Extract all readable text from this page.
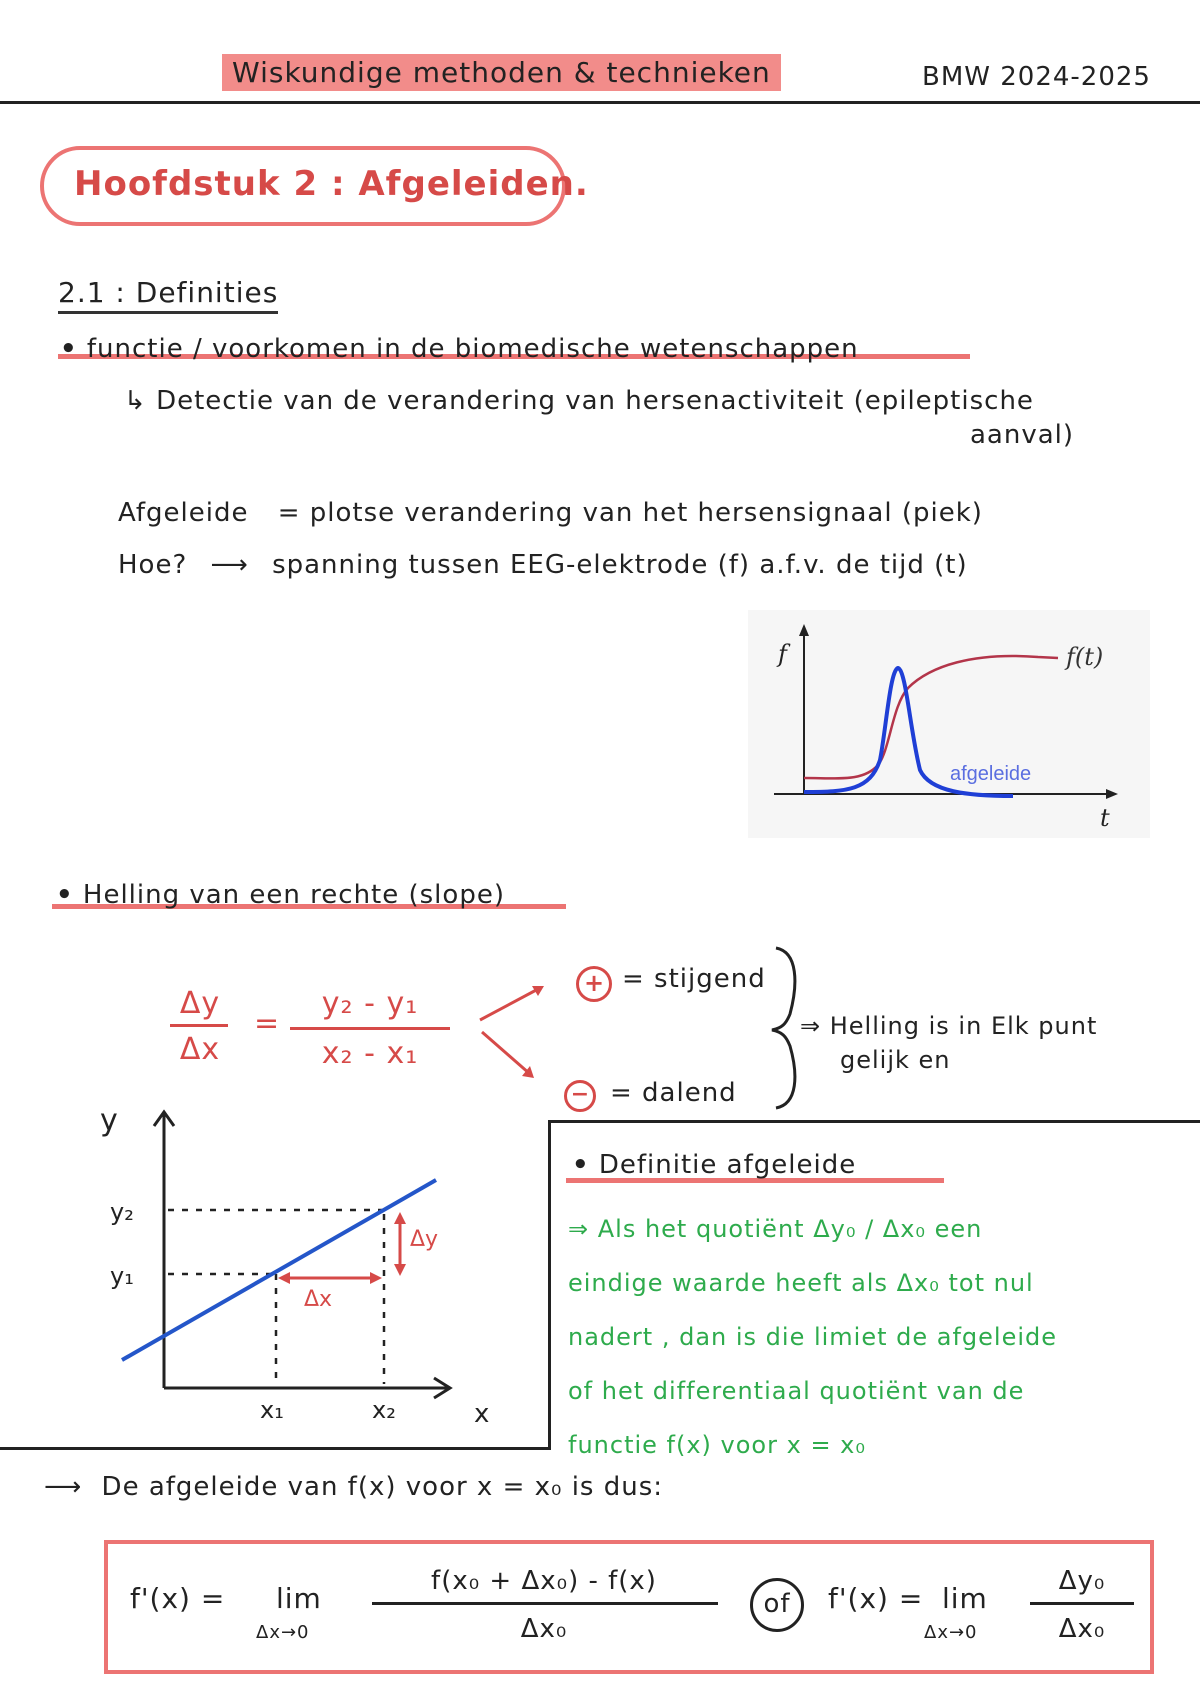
Wiskundige methoden & technieken	BMW 2024-2025
Hoofdstuk 2 : Afgeleiden.
2.1 : Definities
• functie / voorkomen in de biomedische wetenschappen
↳ Detectie van de verandering van hersenactiviteit (epileptische
aanval)
Afgeleide = plotse verandering van het hersensignaal (piek)
Hoe? ⟶ spanning tussen EEG-elektrode (f) a.f.v. de tijd (t)
f
t
f(t)
afgeleide
• Helling van een rechte (slope)
Δy
Δx
=
y₂ - y₁
x₂ - x₁
+ = stijgend
− = dalend
⇒ Helling is in Elk punt
gelijk en
y
x
y₂
y₁
x₁	x₂
Δx
Δy
• Definitie afgeleide
⇒ Als het quotiënt Δy₀ / Δx₀ een
eindige waarde heeft als Δx₀ tot nul
nadert , dan is die limiet de afgeleide
of het differentiaal quotiënt van de
functie f(x) voor x = x₀
⟶ De afgeleide van f(x) voor x = x₀ is dus:
f'(x) = lim
Δx→0
f(x₀ + Δx₀) - f(x)
Δx₀
of	f'(x) = lim
Δx→0
Δy₀
Δx₀
